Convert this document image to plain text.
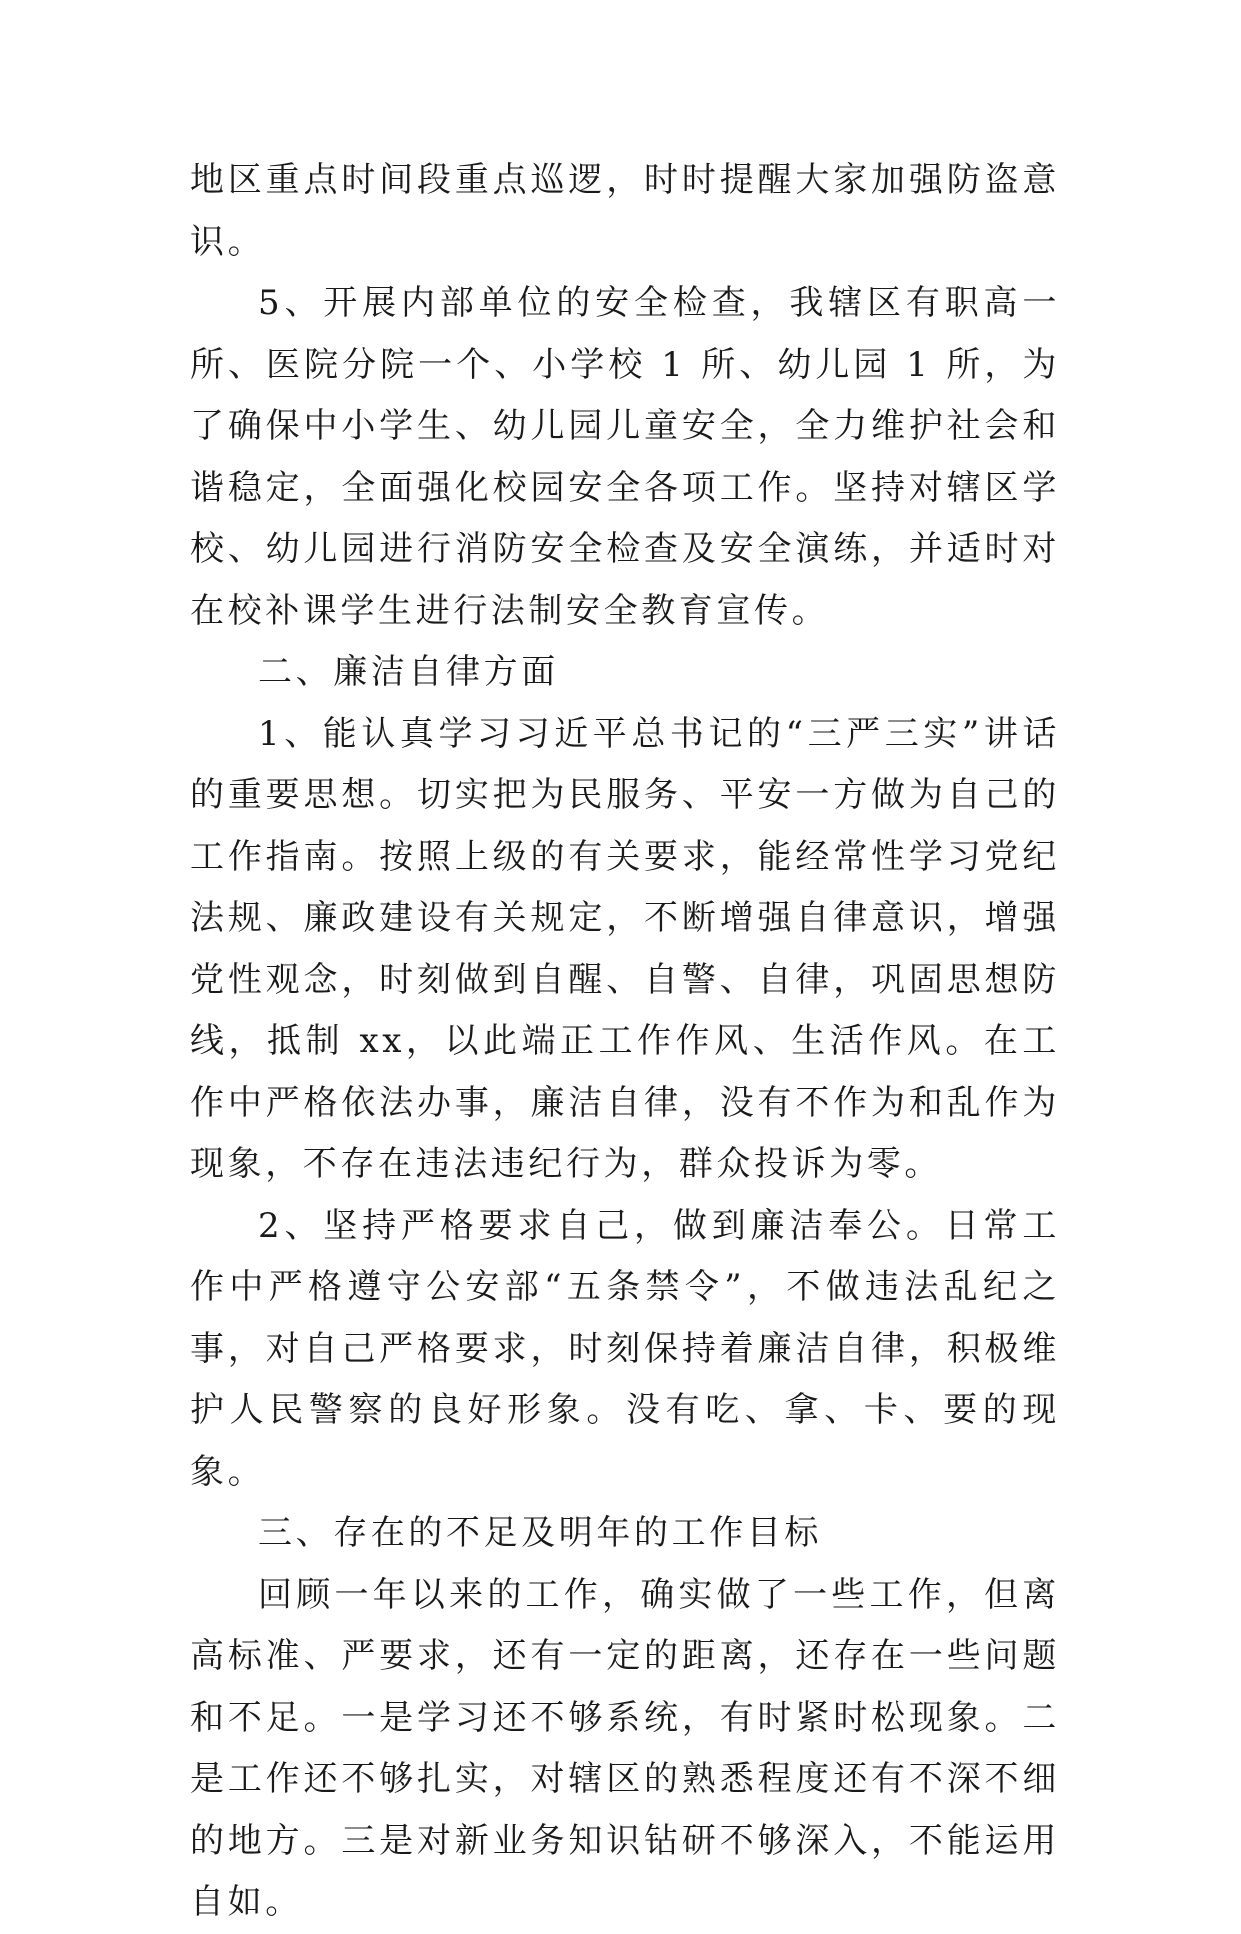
地区重点时间段重点巡逻，时时提醒大家加强防盗意识。

5、开展内部单位的安全检查，我辖区有职高一所、医院分院一个、小学校 1 所、幼儿园 1 所，为了确保中小学生、幼儿园儿童安全，全力维护社会和谐稳定，全面强化校园安全各项工作。坚持对辖区学校、幼儿园进行消防安全检查及安全演练，并适时对在校补课学生进行法制安全教育宣传。

二、廉洁自律方面

1、能认真学习习近平总书记的“三严三实”讲话的重要思想。切实把为民服务、平安一方做为自己的工作指南。按照上级的有关要求，能经常性学习党纪法规、廉政建设有关规定，不断增强自律意识，增强党性观念，时刻做到自醒、自警、自律，巩固思想防线，抵制 xx，以此端正工作作风、生活作风。在工作中严格依法办事，廉洁自律，没有不作为和乱作为现象，不存在违法违纪行为，群众投诉为零。

2、坚持严格要求自己，做到廉洁奉公。日常工作中严格遵守公安部“五条禁令”，不做违法乱纪之事，对自己严格要求，时刻保持着廉洁自律，积极维护人民警察的良好形象。没有吃、拿、卡、要的现象。

三、存在的不足及明年的工作目标

回顾一年以来的工作，确实做了一些工作，但离高标准、严要求，还有一定的距离，还存在一些问题和不足。一是学习还不够系统，有时紧时松现象。二是工作还不够扎实，对辖区的熟悉程度还有不深不细的地方。三是对新业务知识钻研不够深入，不能运用自如。
